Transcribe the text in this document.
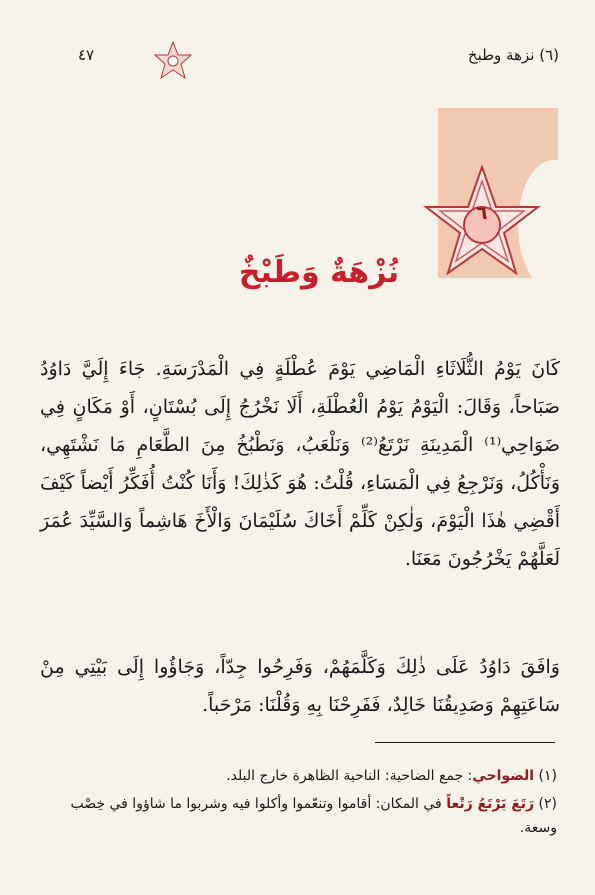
(٦) نزهة وطبخ
٤٧
٦
نُزْهَةٌ وَطَبْخٌ
كَانَ يَوْمُ الثُّلَاثَاءِ الْمَاضِي يَوْمَ عُطْلَةٍ فِي الْمَدْرَسَةِ. جَاءَ إِلَيَّ دَاوُدُ صَبَاحاً، وَقَالَ: الْيَوْمُ يَوْمُ الْعُطْلَةِ، أَلَا نَخْرُجُ إِلَى بُسْتَانٍ، أَوْ مَكَانٍ فِي ضَوَاحِي⁽¹⁾ الْمَدِينَةِ نَرْتَعُ⁽²⁾ وَنَلْعَبُ، وَنَطْبُخُ مِنَ الطَّعَامِ مَا نَشْتَهِي، وَنَأْكُلُ، وَنَرْجِعُ فِي الْمَسَاءِ، قُلْتُ: هُوَ كَذٰلِكَ! وَأَنَا كُنْتُ أُفَكِّرُ أَيْضاً كَيْفَ أَقْضِي هٰذَا الْيَوْمَ، وَلٰكِنْ كَلِّمْ أَخَاكَ سُلَيْمَانَ وَالْأَخَ هَاشِماً وَالسَّيِّدَ عُمَرَ لَعَلَّهُمْ يَخْرُجُونَ مَعَنَا.
وَافَقَ دَاوُدُ عَلَى ذٰلِكَ وَكَلَّمَهُمْ، وَفَرِحُوا جِدّاً، وَجَاؤُوا إِلَى بَيْتِي مِنْ سَاعَتِهِمْ وَصَدِيقُنَا خَالِدٌ، فَفَرِحْنَا بِهِ وَقُلْنَا: مَرْحَباً.
(١) الضواحي: جمع الضاحية: الناحية الظاهرة خارج البلد.
(٢) رَتَعَ يَرْتَعُ رَتْعاً في المكان: أقاموا وتنعّموا وأكلوا فيه وشربوا ما شاؤوا في خِصْب وسعة.
